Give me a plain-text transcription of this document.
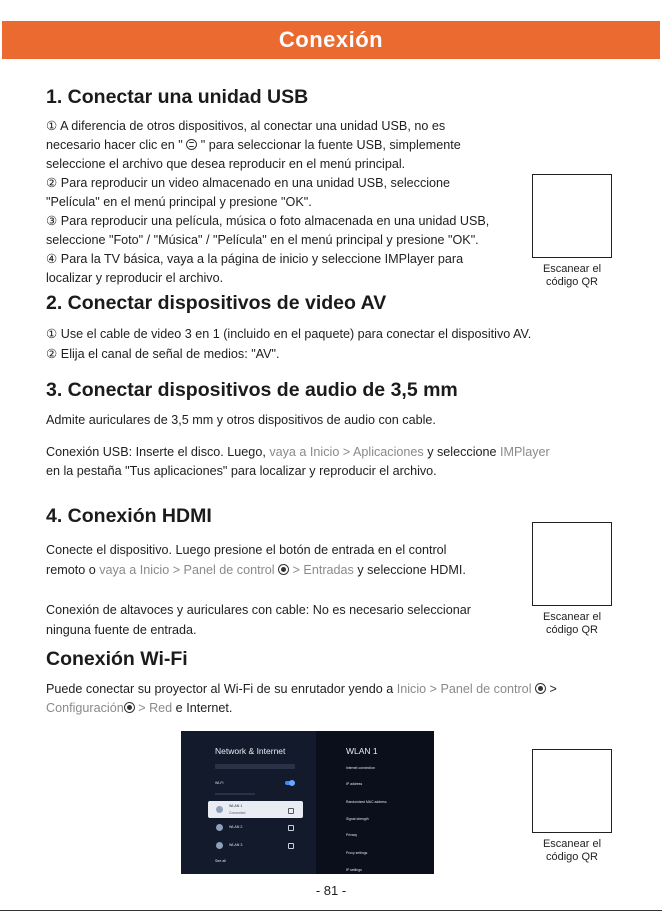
Conexión
1. Conectar una unidad USB

① A diferencia de otros dispositivos, al conectar una unidad USB, no es

necesario hacer clic en "  " para seleccionar la fuente USB, simplemente

seleccione el archivo que desea reproducir en el menú principal.

② Para reproducir un video almacenado en una unidad USB, seleccione

"Película" en el menú principal y presione "OK".

③ Para reproducir una película, música o foto almacenada en una unidad USB,

seleccione "Foto" / "Música" / "Película" en el menú principal y presione "OK".

④ Para la TV básica, vaya a la página de inicio y seleccione IMPlayer para

localizar y reproducir el archivo.

2. Conectar dispositivos de video AV

① Use el cable de video 3 en 1 (incluido en el paquete) para conectar el dispositivo AV.

② Elija el canal de señal de medios: "AV".

3. Conectar dispositivos de audio de 3,5 mm

Admite auriculares de 3,5 mm y otros dispositivos de audio con cable.

Conexión USB: Inserte el disco. Luego, vaya a Inicio > Aplicaciones y seleccione IMPlayer

en la pestaña "Tus aplicaciones" para localizar y reproducir el archivo.

4. Conexión HDMI

Conecte el dispositivo. Luego presione el botón de entrada en el control

remoto o vaya a Inicio > Panel de control  > Entradas y seleccione HDMI.

Conexión de altavoces y auriculares con cable: No es necesario seleccionar

ninguna fuente de entrada.

Conexión Wi-Fi

Puede conectar su proyector al Wi-Fi de su enrutador yendo a Inicio > Panel de control  >

Configuración > Red e Internet.

Escanear el
código QR
Escanear el
código QR
Escanear el
código QR
Network & Internet
Wi-Fi
WLAN 1
Connected
WLAN 2
WLAN 3
See all
WLAN 1
Internet connection
IP address
Randomized MAC address
Signal strength
Privacy
Proxy settings
IP settings
- 81 -
